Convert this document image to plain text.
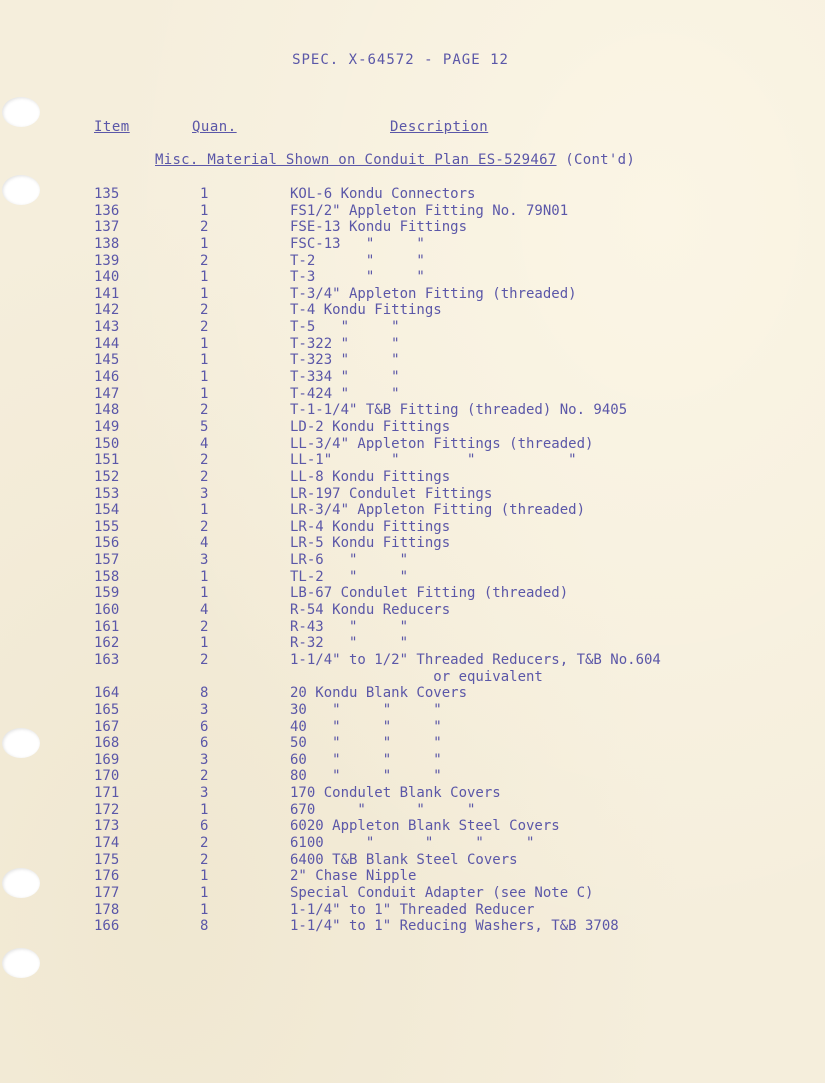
SPEC. X-64572 - PAGE 12
Item	Quan.	Description
Misc. Material Shown on Conduit Plan ES-529467 (Cont'd)
135	1	KOL-6 Kondu Connectors
136	1	FS1/2" Appleton Fitting No. 79N01
137	2	FSE-13 Kondu Fittings
138	1	FSC-13   "     "
139	2	T-2      "     "
140	1	T-3      "     "
141	1	T-3/4" Appleton Fitting (threaded)
142	2	T-4 Kondu Fittings
143	2	T-5   "     "
144	1	T-322 "     "
145	1	T-323 "     "
146	1	T-334 "     "
147	1	T-424 "     "
148	2	T-1-1/4" T&B Fitting (threaded) No. 9405
149	5	LD-2 Kondu Fittings
150	4	LL-3/4" Appleton Fittings (threaded)
151	2	LL-1"       "        "           "
152	2	LL-8 Kondu Fittings
153	3	LR-197 Condulet Fittings
154	1	LR-3/4" Appleton Fitting (threaded)
155	2	LR-4 Kondu Fittings
156	4	LR-5 Kondu Fittings
157	3	LR-6   "     "
158	1	TL-2   "     "
159	1	LB-67 Condulet Fitting (threaded)
160	4	R-54 Kondu Reducers
161	2	R-43   "     "
162	1	R-32   "     "
163	2	1-1/4" to 1/2" Threaded Reducers, T&B No.604
or equivalent
164	8	20 Kondu Blank Covers
165	3	30   "     "     "
167	6	40   "     "     "
168	6	50   "     "     "
169	3	60   "     "     "
170	2	80   "     "     "
171	3	170 Condulet Blank Covers
172	1	670     "      "     "
173	6	6020 Appleton Blank Steel Covers
174	2	6100     "      "     "     "
175	2	6400 T&B Blank Steel Covers
176	1	2" Chase Nipple
177	1	Special Conduit Adapter (see Note C)
178	1	1-1/4" to 1" Threaded Reducer
166	8	1-1/4" to 1" Reducing Washers, T&B 3708
